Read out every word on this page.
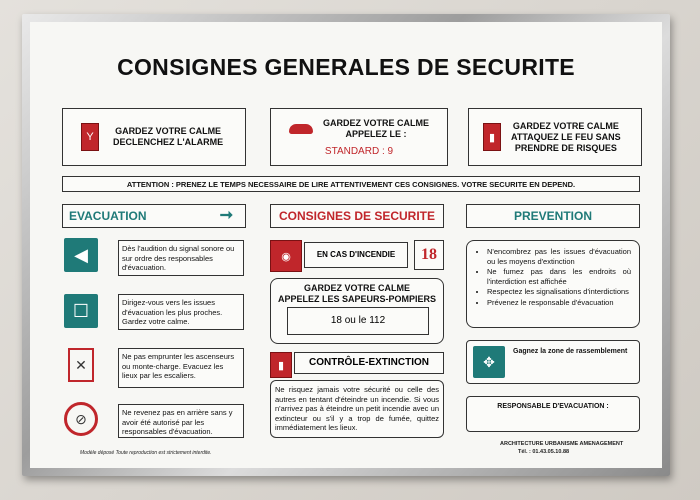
CONSIGNES GENERALES DE SECURITE
Y	GARDEZ VOTRE CALME
DECLENCHEZ L'ALARME
GARDEZ VOTRE CALME
APPELEZ LE :
STANDARD : 9
▮
GARDEZ VOTRE CALME
ATTAQUEZ LE FEU SANS
PRENDRE DE RISQUES
ATTENTION : PRENEZ LE TEMPS NECESSAIRE DE LIRE ATTENTIVEMENT CES CONSIGNES. VOTRE SECURITE EN DEPEND.
EVACUATION	➞	CONSIGNES DE SECURITE	PREVENTION
◀	Dès l'audition du signal sonore ou sur ordre des responsables d'évacuation.
☐	Dirigez-vous vers les issues d'évacuation les plus proches. Gardez votre calme.
✕	Ne pas emprunter les ascenseurs ou monte-charge. Evacuez les lieux par les escaliers.
⊘	Ne revenez pas en arrière sans y avoir été autorisé par les responsables d'évacuation.
◉	EN CAS D'INCENDIE	18
GARDEZ VOTRE CALME
APPELEZ LES SAPEURS-POMPIERS
18 ou le 112
▮	CONTRÔLE-EXTINCTION
Ne risquez jamais votre sécurité ou celle des autres en tentant d'éteindre un incendie. Si vous n'arrivez pas à éteindre un petit incendie avec un extincteur ou s'il y a trop de fumée, quittez immédiatement les lieux.
• N'encombrez pas les issues d'évacuation ou les moyens d'extinction
• Ne fumez pas dans les endroits où l'interdiction est affichée
• Respectez les signalisations d'interdictions
• Prévenez le responsable d'évacuation
✥
Gagnez la zone de rassemblement
RESPONSABLE D'EVACUATION :
Modèle déposé Toute reproduction est strictement interdite.
ARCHITECTURE URBANISME AMENAGEMENT
Tél. : 01.43.05.10.88
